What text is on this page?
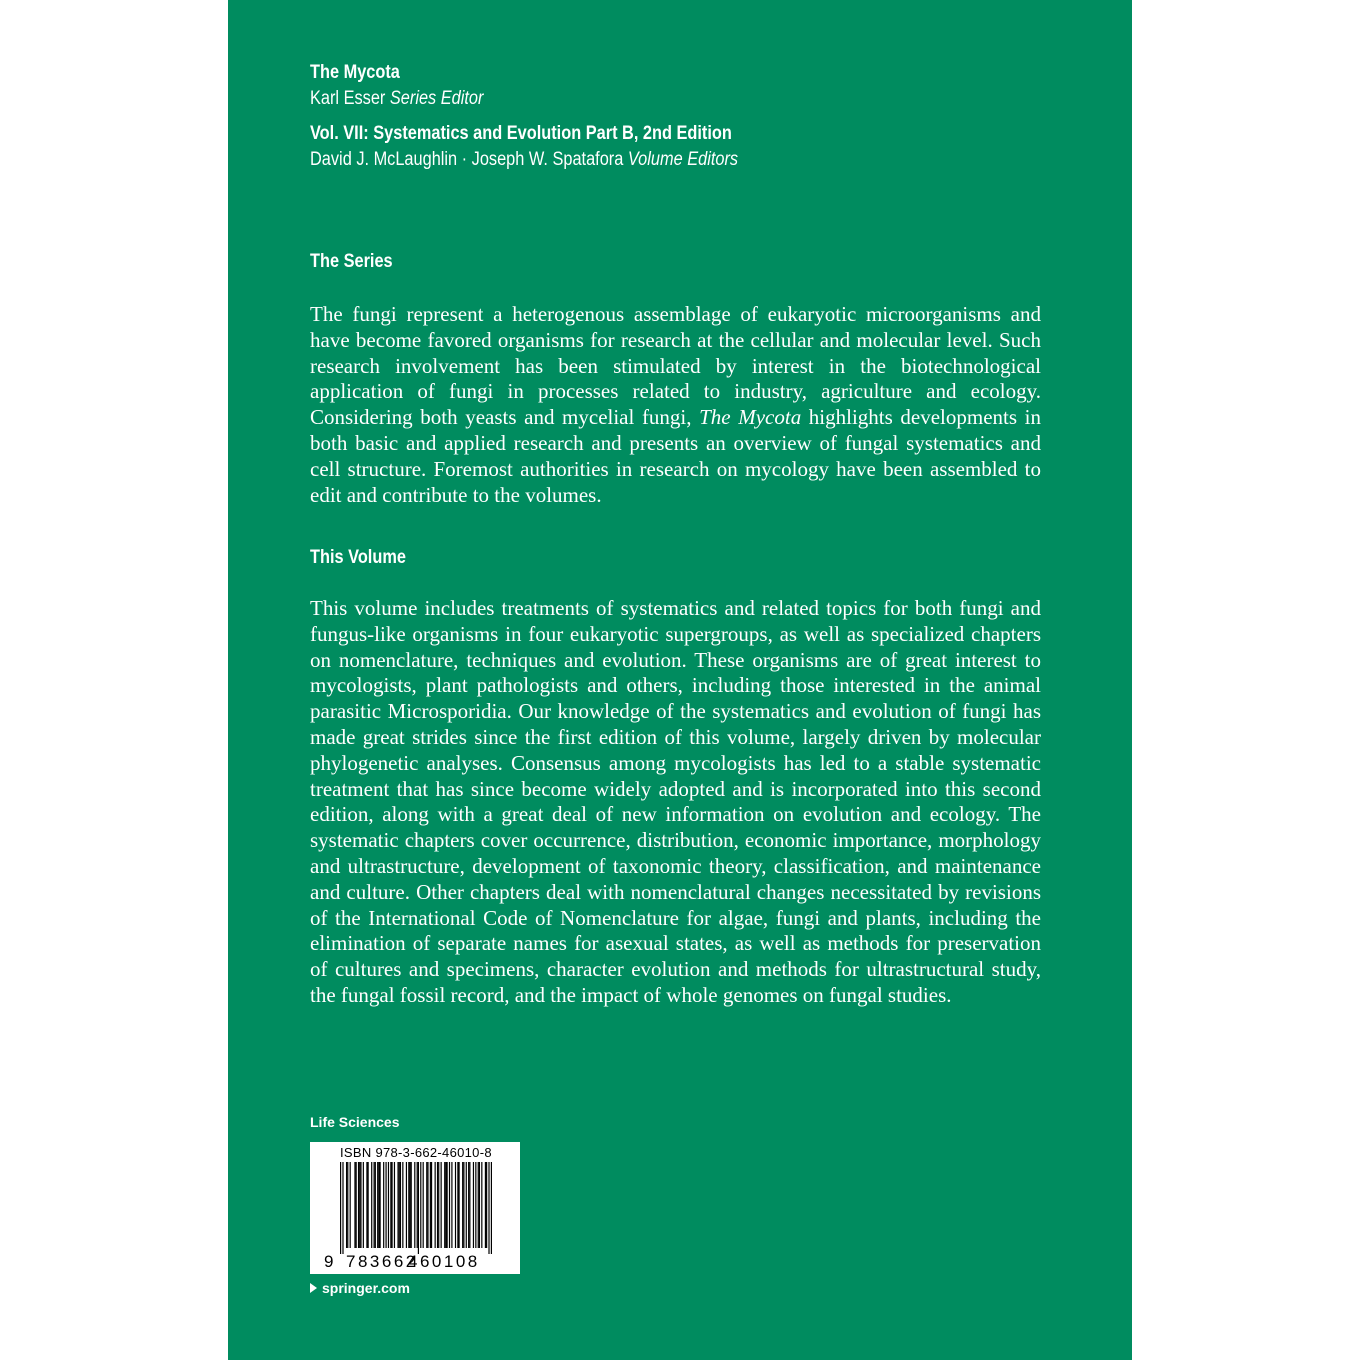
The Mycota
Karl Esser Series Editor
Vol. VII: Systematics and Evolution Part B, 2nd Edition
David J. McLaughlin · Joseph W. Spatafora Volume Editors
The Series
The fungi represent a heterogenous assemblage of eukaryotic microorganisms and have become favored organisms for research at the cellular and molecular level. Such research involvement has been stimulated by interest in the biotechnological application of fungi in processes related to industry, agriculture and ecology. Considering both yeasts and mycelial fungi, The Mycota highlights developments in both basic and applied research and presents an overview of fungal systematics and cell structure. Foremost authorities in research on mycology have been assembled to edit and contribute to the volumes.
This Volume
This volume includes treatments of systematics and related topics for both fungi and fungus-like organisms in four eukaryotic supergroups, as well as specialized chapters on nomenclature, techniques and evolution. These organisms are of great interest to mycologists, plant pathologists and others, including those interested in the animal parasitic Microsporidia. Our knowledge of the systematics and evolution of fungi has made great strides since the first edition of this volume, largely driven by molecular phylogenetic analyses. Consensus among mycologists has led to a stable systematic treatment that has since become widely adopted and is incorporated into this second edition, along with a great deal of new information on evolution and ecology. The systematic chapters cover occurrence, distribution, economic importance, morphology and ultrastructure, development of taxonomic theory, classification, and maintenance and culture. Other chapters deal with nomenclatural changes necessitated by revisions of the International Code of Nomenclature for algae, fungi and plants, including the elimination of separate names for asexual states, as well as methods for preservation of cultures and specimens, character evolution and methods for ultrastructural study, the fungal fossil record, and the impact of whole genomes on fungal studies.
Life Sciences
ISBN 978-3-662-46010-8
9 783662
460108
springer.com
